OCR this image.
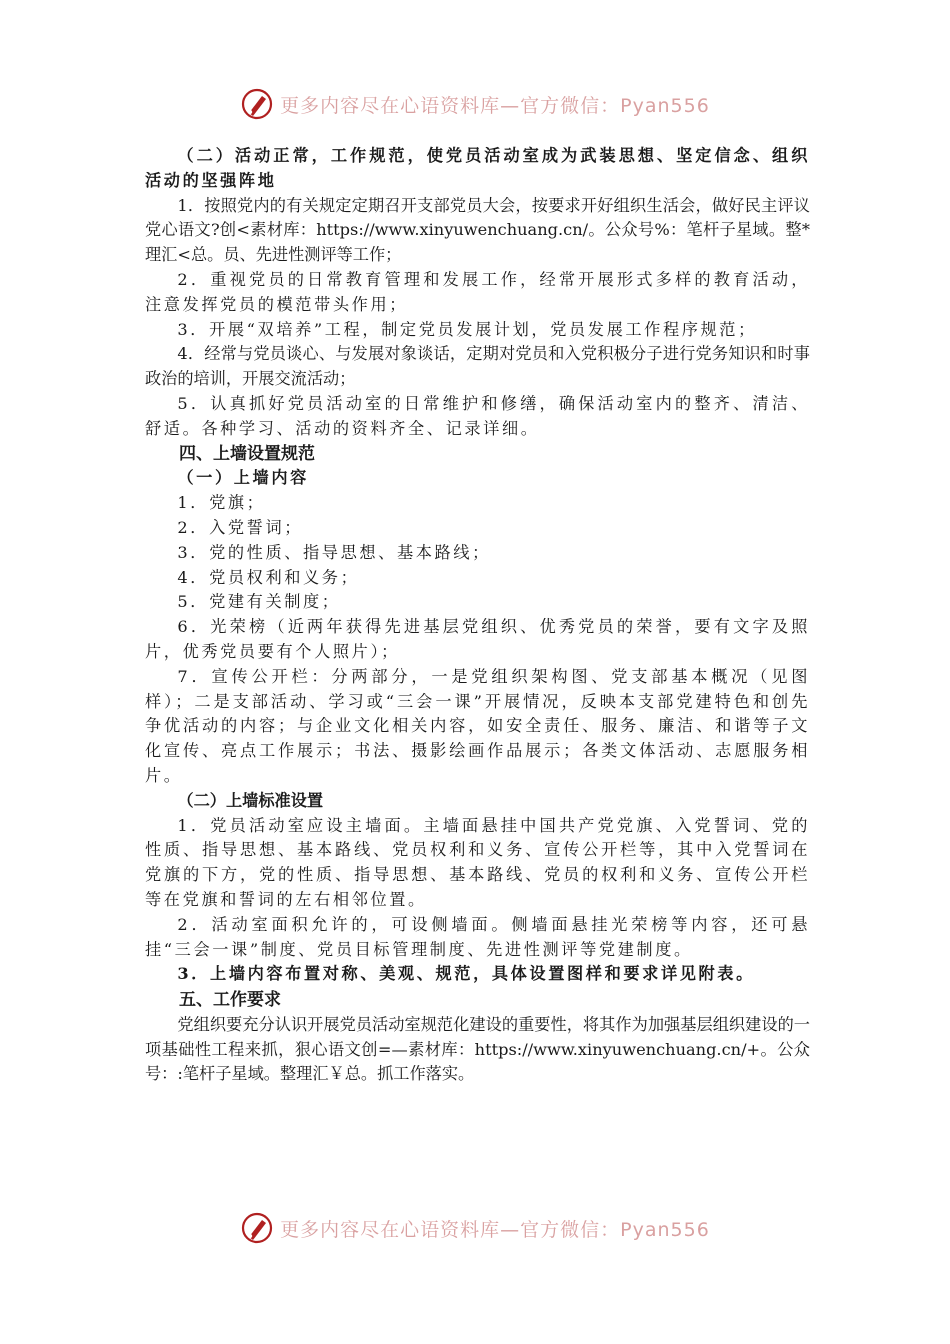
更多内容尽在心语资料库—官方微信：Pyan556

（二）活动正常，工作规范，使党员活动室成为武装思想、坚定信念、组织活动的坚强阵地

1．按照党内的有关规定定期召开支部党员大会，按要求开好组织生活会，做好民主评议党心语文?创<素材库：https://www.xinyuwenchuang.cn/。公众号%：笔杆子星域。整*理汇<总。员、先进性测评等工作；

2．重视党员的日常教育管理和发展工作，经常开展形式多样的教育活动，注意发挥党员的模范带头作用；

3．开展“双培养”工程，制定党员发展计划，党员发展工作程序规范；

4．经常与党员谈心、与发展对象谈话，定期对党员和入党积极分子进行党务知识和时事政治的培训，开展交流活动；

5．认真抓好党员活动室的日常维护和修缮，确保活动室内的整齐、清洁、舒适。各种学习、活动的资料齐全、记录详细。

四、上墙设置规范

（一）上墙内容

1．党旗；

2．入党誓词；

3．党的性质、指导思想、基本路线；

4．党员权利和义务；

5．党建有关制度；

6．光荣榜（近两年获得先进基层党组织、优秀党员的荣誉，要有文字及照片，优秀党员要有个人照片）；

7．宣传公开栏：分两部分，一是党组织架构图、党支部基本概况（见图样）；二是支部活动、学习或“三会一课”开展情况，反映本支部党建特色和创先争优活动的内容；与企业文化相关内容，如安全责任、服务、廉洁、和谐等子文化宣传、亮点工作展示；书法、摄影绘画作品展示；各类文体活动、志愿服务相片。

（二）上墙标准设置

1．党员活动室应设主墙面。主墙面悬挂中国共产党党旗、入党誓词、党的性质、指导思想、基本路线、党员权利和义务、宣传公开栏等，其中入党誓词在党旗的下方，党的性质、指导思想、基本路线、党员的权利和义务、宣传公开栏等在党旗和誓词的左右相邻位置。

2．活动室面积允许的，可设侧墙面。侧墙面悬挂光荣榜等内容，还可悬挂“三会一课”制度、党员目标管理制度、先进性测评等党建制度。

3．上墙内容布置对称、美观、规范，具体设置图样和要求详见附表。

五、工作要求

党组织要充分认识开展党员活动室规范化建设的重要性，将其作为加强基层组织建设的一项基础性工程来抓，狠心语文创=—素材库：https://www.xinyuwenchuang.cn/+。公众号：:笔杆子星域。整理汇￥总。抓工作落实。

更多内容尽在心语资料库—官方微信：Pyan556
